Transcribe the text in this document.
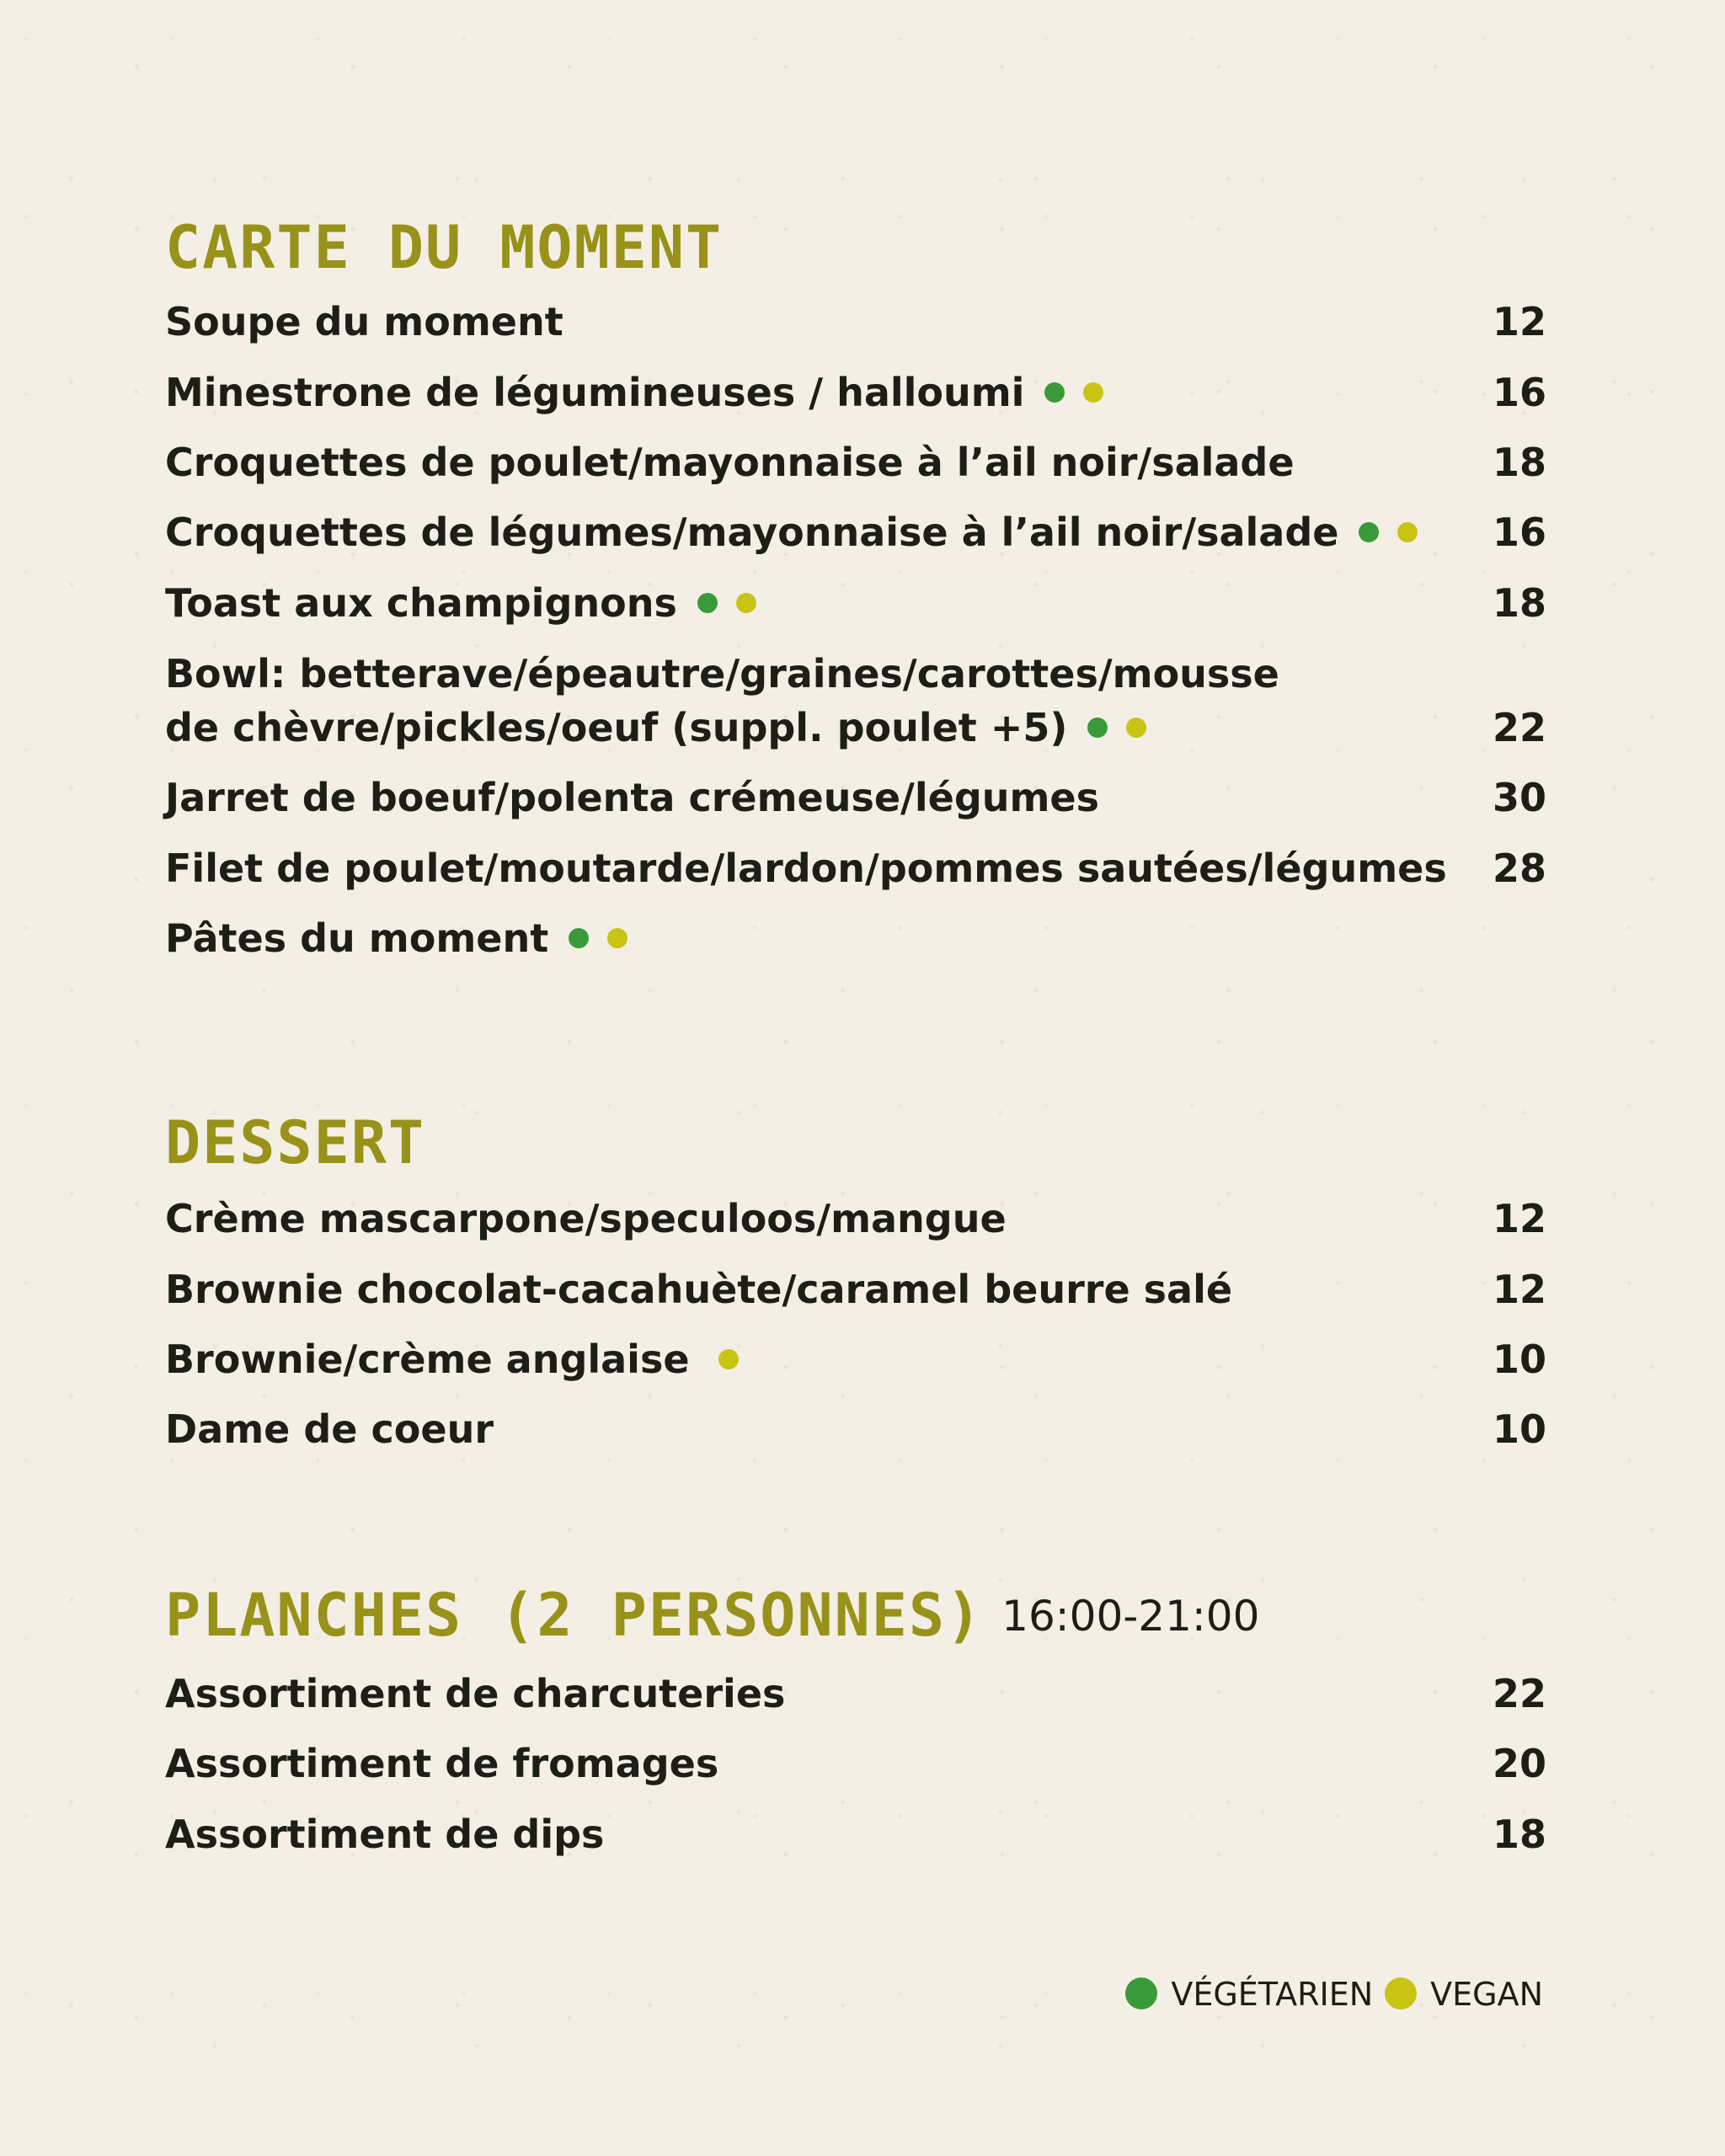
CARTE DU MOMENT
Soupe du moment	12
Minestrone de légumineuses / halloumi	16
Croquettes de poulet/mayonnaise à l’ail noir/salade	18
Croquettes de légumes/mayonnaise à l’ail noir/salade	16
Toast aux champignons	18
Bowl: betterave/épeautre/graines/carottes/mousse
de chèvre/pickles/oeuf (suppl. poulet +5)	22
Jarret de boeuf/polenta crémeuse/légumes	30
Filet de poulet/moutarde/lardon/pommes sautées/légumes 28
Pâtes du moment
DESSERT
Crème mascarpone/speculoos/mangue	12
Brownie chocolat-cacahuète/caramel beurre salé	12
Brownie/crème anglaise	10
Dame de coeur	10
PLANCHES (2 PERSONNES) 16:00-21:00
Assortiment de charcuteries	22
Assortiment de fromages	20
Assortiment de dips	18
VÉGÉTARIEN VEGAN
